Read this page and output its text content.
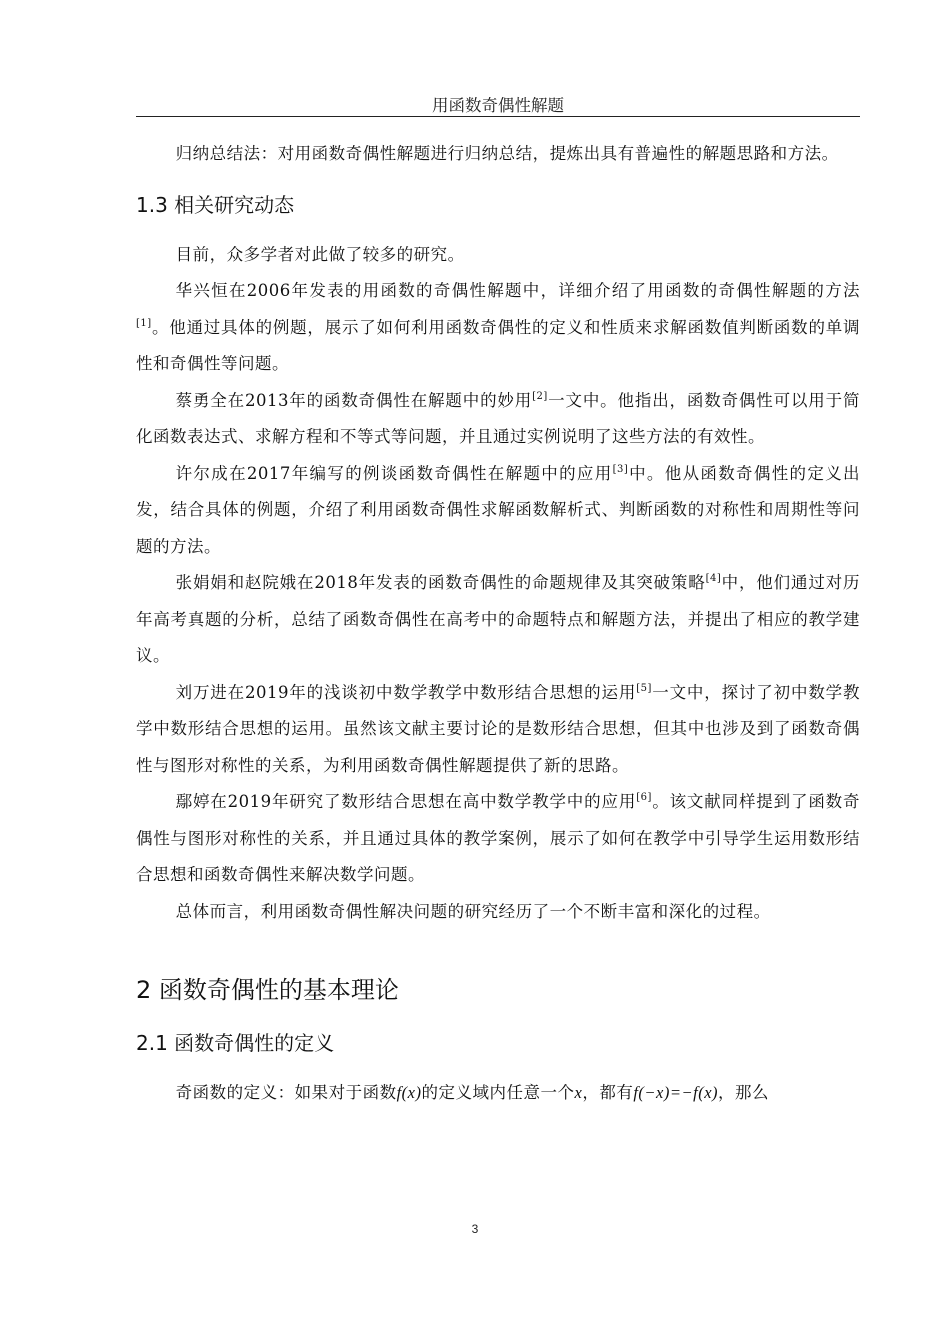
用函数奇偶性解题

归纳总结法：对用函数奇偶性解题进行归纳总结，提炼出具有普遍性的解题思路和方法。

1.3 相关研究动态

目前，众多学者对此做了较多的研究。

华兴恒在2006年发表的用函数的奇偶性解题中，详细介绍了用函数的奇偶性解题的方法[1]。他通过具体的例题，展示了如何利用函数奇偶性的定义和性质来求解函数值判断函数的单调性和奇偶性等问题。

蔡勇全在2013年的函数奇偶性在解题中的妙用[2]一文中。他指出，函数奇偶性可以用于简化函数表达式、求解方程和不等式等问题，并且通过实例说明了这些方法的有效性。

许尔成在2017年编写的例谈函数奇偶性在解题中的应用[3]中。他从函数奇偶性的定义出发，结合具体的例题，介绍了利用函数奇偶性求解函数解析式、判断函数的对称性和周期性等问题的方法。

张娟娟和赵院娥在2018年发表的函数奇偶性的命题规律及其突破策略[4]中，他们通过对历年高考真题的分析，总结了函数奇偶性在高考中的命题特点和解题方法，并提出了相应的教学建议。

刘万进在2019年的浅谈初中数学教学中数形结合思想的运用[5]一文中，探讨了初中数学教学中数形结合思想的运用。虽然该文献主要讨论的是数形结合思想，但其中也涉及到了函数奇偶性与图形对称性的关系，为利用函数奇偶性解题提供了新的思路。

鄢婷在2019年研究了数形结合思想在高中数学教学中的应用[6]。该文献同样提到了函数奇偶性与图形对称性的关系，并且通过具体的教学案例，展示了如何在教学中引导学生运用数形结合思想和函数奇偶性来解决数学问题。

总体而言，利用函数奇偶性解决问题的研究经历了一个不断丰富和深化的过程。

2 函数奇偶性的基本理论
2.1 函数奇偶性的定义

奇函数的定义：如果对于函数f(x)的定义域内任意一个x，都有f(−x)=−f(x)，那么

3
